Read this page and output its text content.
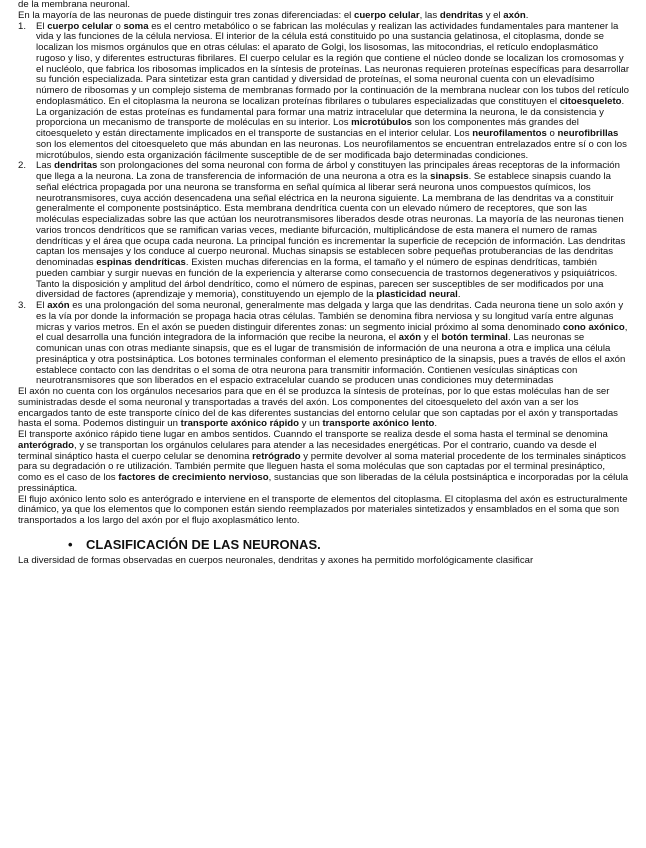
de la membrana neuronal.

En la mayoría de las neuronas de puede distinguir tres zonas diferenciadas: el cuerpo celular, las dendritas y el axón.

1. El cuerpo celular o soma es el centro metabólico o se fabrican las moléculas y realizan las actividades fundamentales para mantener la vida y las funciones de la célula nerviosa. El interior de la célula está constituido po una sustancia gelatinosa, el citoplasma, donde se localizan los mismos orgánulos que en otras células: el aparato de Golgi, los lisosomas, las mitocondrias, el retículo endoplasmático rugoso y liso, y diferentes estructuras fibrilares. El cuerpo celular es la región que contiene el núcleo donde se localizan los cromosomas y el nucléolo, que fabrica los ribosomas implicados en la síntesis de proteínas. Las neuronas requieren proteínas específicas para desarrollar su función especializada. Para sintetizar esta gran cantidad y diversidad de proteínas, el soma neuronal cuenta con un elevadísimo número de ribosomas y un complejo sistema de membranas formado por la continuación de la membrana nuclear con los tubos del retículo endoplasmático. En el citoplasma la neurona se localizan proteínas fibrilares o tubulares especializadas que constituyen el citoesqueleto. La organización de estas proteínas es fundamental para formar una matriz intracelular que determina la neurona, le da consistencia y proporciona un mecanismo de transporte de moléculas en su interior. Los microtúbulos son los componentes más grandes del citoesqueleto y están directamente implicados en el transporte de sustancias en el interior celular. Los neurofilamentos o neurofibrillas son los elementos del citoesqueleto que más abundan en las neuronas. Los neurofilamentos se encuentran entrelazados entre sí o con los microtúbulos, siendo esta organización fácilmente susceptible de de ser modificada bajo determinadas condiciones.
2. Las dendritas son prolongaciones del soma neuronal con forma de árbol y constituyen las principales áreas receptoras de la información que llega a la neurona. La zona de transferencia de información de una neurona a otra es la sinapsis. Se establece sinapsis cuando la señal eléctrica propagada por una neurona se transforma en señal química al liberar será neurona unos compuestos químicos, los neurotransmisores, cuya acción desencadena una señal eléctrica en la neurona siguiente. La membrana de las dendritas va a constituir generalmente el componente postsináptico. Esta membrana dendrítica cuenta con un elevado número de receptores, que son las moléculas especializadas sobre las que actúan los neurotransmisores liberados desde otras neuronas. La mayoría de las neuronas tienen varios troncos dendríticos que se ramifican varias veces, mediante bifurcación, multiplicándose de esta manera el numero de ramas dendríticas y el área que ocupa cada neurona. La principal función es incrementar la superficie de recepción de información. Las dendritas captan los mensajes y los conduce al cuerpo neuronal. Muchas sinapsis se establecen sobre pequeñas protuberancias de las dendritas denominadas espinas dendríticas. Existen muchas diferencias en la forma, el tamaño y el número de espinas dendríticas, también pueden cambiar y surgir nuevas en función de la experiencia y alterarse como consecuencia de trastornos degenerativos y psiquiátricos. Tanto la disposición y amplitud del árbol dendrítico, como el número de espinas, parecen ser susceptibles de ser modificados por una diversidad de factores (aprendizaje y memoria), constituyendo un ejemplo de la plasticidad neural.
3. El axón es una prolongación del soma neuronal, generalmente mas delgada y larga que las dendritas. Cada neurona tiene un solo axón y es la vía por donde la información se propaga hacia otras células. También se denomina fibra nerviosa y su longitud varía entre algunas micras y varios metros. En el axón se pueden distinguir diferentes zonas: un segmento inicial próximo al soma denominado cono axónico, el cual desarrolla una función integradora de la información que recibe la neurona, el axón y el botón terminal. Las neuronas se comunican unas con otras mediante sinapsis, que es el lugar de transmisión de información de una neurona a otra e implica una célula presináptica y otra postsináptica. Los botones terminales conforman el elemento presináptico de la sinapsis, pues a través de ellos el axón establece contacto con las dendritas o el soma de otra neurona para transmitir información. Contienen vesículas sinápticas con neurotransmisores que son liberados en el espacio extracelular cuando se producen unas condiciones muy determinadas

El axón no cuenta con los orgánulos necesarios para que en él se produzca la síntesis de proteínas, por lo que estas moléculas han de ser suministradas desde el soma neuronal y transportadas a través del axón. Los componentes del citoesqueleto del axón van a ser los encargados tanto de este transporte cínico del de kas diferentes sustancias del entorno celular que son captadas por el axón y transportadas hasta el soma. Podemos distinguir un transporte axónico rápido y un transporte axónico lento.

El transporte axónico rápido tiene lugar en ambos sentidos. Cuanndo el transporte se realiza desde el soma hasta el terminal se denomina anterógrado, y se transportan los orgánulos celulares para atender a las necesidades energéticas. Por el contrario, cuando va desde el terminal sináptico hasta el cuerpo celular se denomina retrógrado y permite devolver al soma material procedente de los terminales sinápticos para su degradación o re utilización. También permite que lleguen hasta el soma moléculas que son captadas por el terminal presináptico, como es el caso de los factores de crecimiento nervioso, sustancias que son liberadas de la célula postsináptica e incorporadas por la célula pressináptica.

El flujo axónico lento solo es anterógrado e interviene en el transporte de elementos del citoplasma. El citoplasma del axón es estructuralmente dinámico, ya que los elementos que lo componen están siendo reemplazados por materiales sintetizados y ensamblados en el soma que son transportados a los largo del axón por el flujo axoplasmático lento.

• CLASIFICACIÓN DE LAS NEURONAS.

La diversidad de formas observadas en cuerpos neuronales, dendritas y axones ha permitido morfológicamente clasificar
